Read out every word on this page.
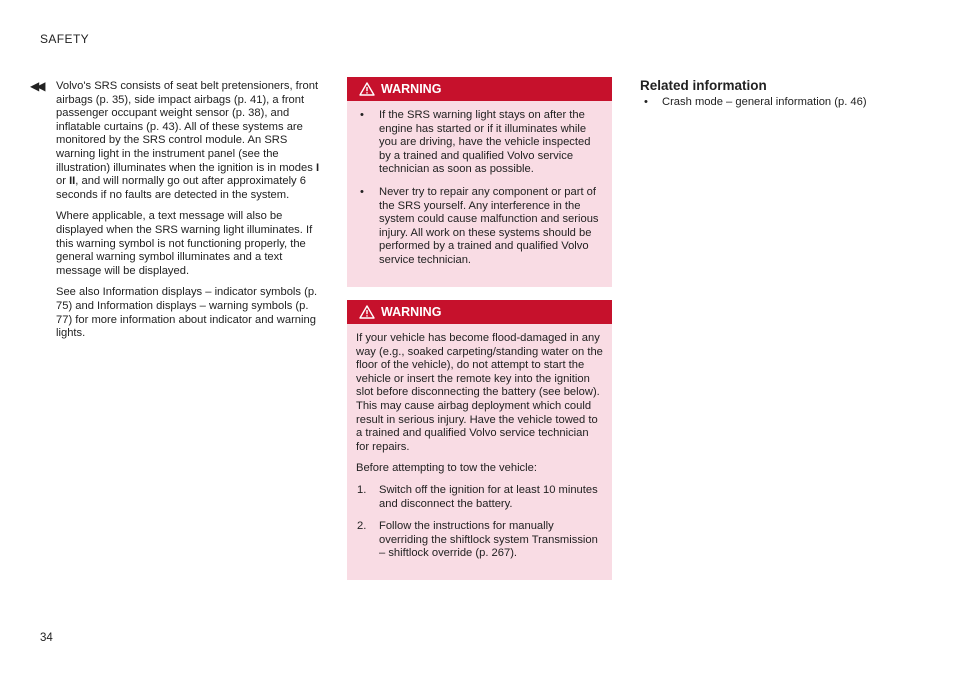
SAFETY
◀◀ Volvo's SRS consists of seat belt pretensioners, front airbags (p. 35), side impact airbags (p. 41), a front passenger occupant weight sensor (p. 38), and inflatable curtains (p. 43). All of these systems are monitored by the SRS control module. An SRS warning light in the instrument panel (see the illustration) illuminates when the ignition is in modes I or II, and will normally go out after approximately 6 seconds if no faults are detected in the system.

Where applicable, a text message will also be displayed when the SRS warning light illuminates. If this warning symbol is not functioning properly, the general warning symbol illuminates and a text message will be displayed.

See also Information displays – indicator symbols (p. 75) and Information displays – warning symbols (p. 77) for more information about indicator and warning lights.

WARNING
• If the SRS warning light stays on after the engine has started or if it illuminates while you are driving, have the vehicle inspected by a trained and qualified Volvo service technician as soon as possible.
• Never try to repair any component or part of the SRS yourself. Any interference in the system could cause malfunction and serious injury. All work on these systems should be performed by a trained and qualified Volvo service technician.
WARNING

If your vehicle has become flood-damaged in any way (e.g., soaked carpeting/standing water on the floor of the vehicle), do not attempt to start the vehicle or insert the remote key into the ignition slot before disconnecting the battery (see below). This may cause airbag deployment which could result in serious injury. Have the vehicle towed to a trained and qualified Volvo service technician for repairs.

Before attempting to tow the vehicle:

1. Switch off the ignition for at least 10 minutes and disconnect the battery.
2. Follow the instructions for manually overriding the shiftlock system Transmission – shiftlock override (p. 267).
Related information
• Crash mode – general information (p. 46)
34
